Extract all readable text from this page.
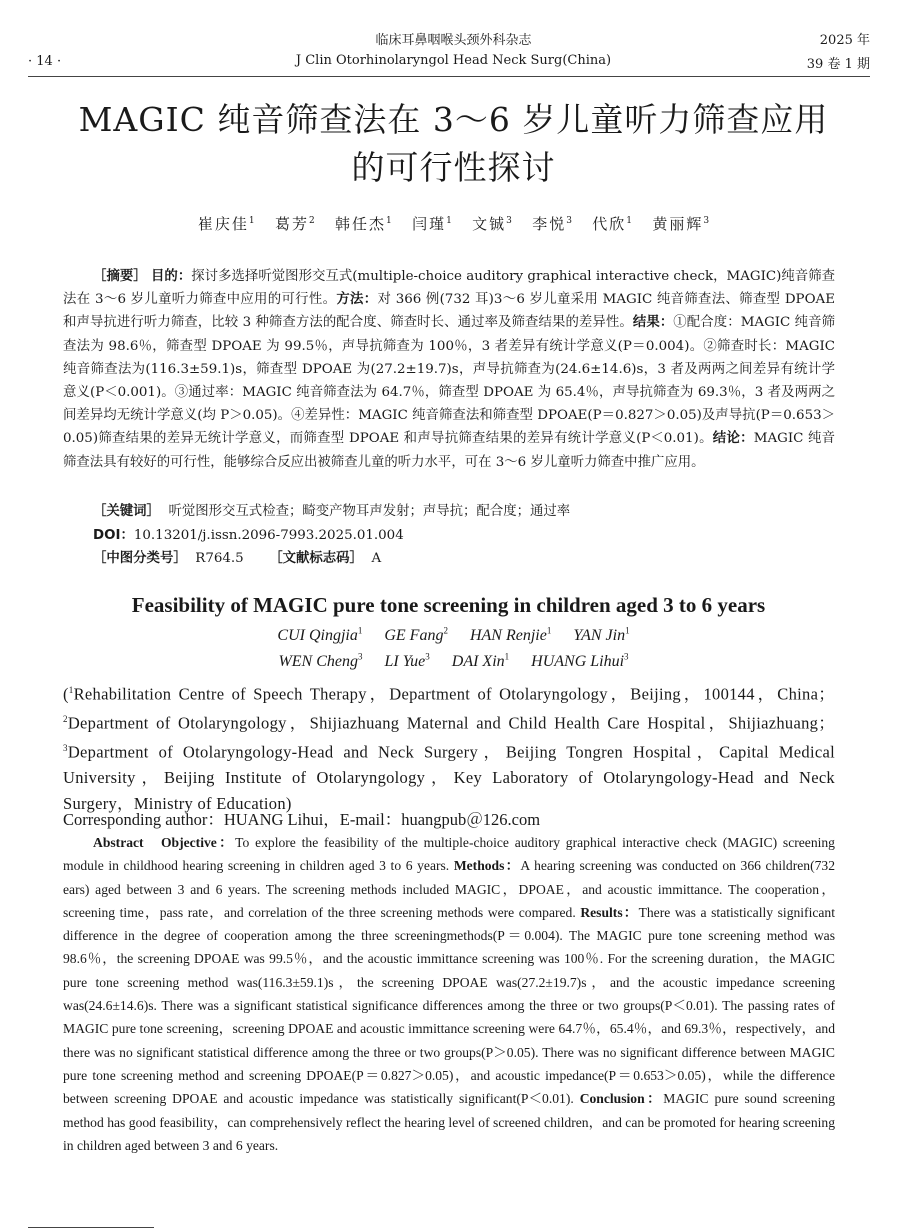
临床耳鼻咽喉头颈外科杂志	2025 年
· 14 ·	J Clin Otorhinolaryngol Head Neck Surg(China)	39 卷 1 期
MAGIC 纯音筛查法在 3～6 岁儿童听力筛查应用
的可行性探讨
崔庆佳$^1$ 葛芳$^2$ 韩任杰$^1$ 闫瑾$^1$ 文铖$^3$ 李悦$^3$ 代欣$^1$ 黄丽辉$^3$
［摘要］ 目的：探讨多选择听觉图形交互式(multiple-choice auditory graphical interactive check，MAGIC)纯音筛查法在 3～6 岁儿童听力筛查中应用的可行性。方法：对 366 例(732 耳)3～6 岁儿童采用 MAGIC 纯音筛查法、筛查型 DPOAE 和声导抗进行听力筛查，比较 3 种筛查方法的配合度、筛查时长、通过率及筛查结果的差异性。结果：①配合度：MAGIC 纯音筛查法为 98.6％，筛查型 DPOAE 为 99.5％，声导抗筛查为 100％，3 者差异有统计学意义(P＝0.004)。②筛查时长：MAGIC 纯音筛查法为(116.3±59.1)s，筛查型 DPOAE 为(27.2±19.7)s，声导抗筛查为(24.6±14.6)s，3 者及两两之间差异有统计学意义(P＜0.001)。③通过率：MAGIC 纯音筛查法为 64.7％，筛查型 DPOAE 为 65.4％，声导抗筛查为 69.3％，3 者及两两之间差异均无统计学意义(均 P＞0.05)。④差异性：MAGIC 纯音筛查法和筛查型 DPOAE(P＝0.827＞0.05)及声导抗(P＝0.653＞0.05)筛查结果的差异无统计学意义，而筛查型 DPOAE 和声导抗筛查结果的差异有统计学意义(P＜0.01)。结论：MAGIC 纯音筛查法具有较好的可行性，能够综合反应出被筛查儿童的听力水平，可在 3～6 岁儿童听力筛查中推广应用。
［关键词］ 听觉图形交互式检查；畸变产物耳声发射；声导抗；配合度；通过率
DOI：10.13201/j.issn.2096-7993.2025.01.004
［中图分类号］ R764.5 ［文献标志码］ A
Feasibility of MAGIC pure tone screening in children aged 3 to 6 years
CUI Qingjia$^1$ GE Fang$^2$ HAN Renjie$^1$ YAN Jin$^1$
WEN Cheng$^3$ LI Yue$^3$ DAI Xin$^1$ HUANG Lihui$^3$
($^1$Rehabilitation Centre of Speech Therapy，Department of Otolaryngology，Beijing，100144，China；$^2$Department of Otolaryngology，Shijiazhuang Maternal and Child Health Care Hospital，Shijiazhuang；$^3$Department of Otolaryngology-Head and Neck Surgery，Beijing Tongren Hospital，Capital Medical University，Beijing Institute of Otolaryngology，Key Laboratory of Otolaryngology-Head and Neck Surgery，Ministry of Education)
Corresponding author：HUANG Lihui，E-mail：huangpub＠126.com
Abstract Objective：To explore the feasibility of the multiple-choice auditory graphical interactive check (MAGIC) screening module in childhood hearing screening in children aged 3 to 6 years. Methods：A hearing screening was conducted on 366 children(732 ears) aged between 3 and 6 years. The screening methods included MAGIC，DPOAE，and acoustic immittance. The cooperation，screening time，pass rate，and correlation of the three screening methods were compared. Results：There was a statistically significant difference in the degree of cooperation among the three screeningmethods(P＝0.004). The MAGIC pure tone screening method was 98.6％，the screening DPOAE was 99.5％，and the acoustic immittance screening was 100％. For the screening duration，the MAGIC pure tone screening method was(116.3±59.1)s，the screening DPOAE was(27.2±19.7)s，and the acoustic impedance screening was(24.6±14.6)s. There was a significant statistical significance differences among the three or two groups(P＜0.01). The passing rates of MAGIC pure tone screening，screening DPOAE and acoustic immittance screening were 64.7％，65.4％，and 69.3％，respectively，and there was no significant statistical difference among the three or two groups(P＞0.05). There was no significant difference between MAGIC pure tone screening method and screening DPOAE(P＝0.827＞0.05)，and acoustic impedance(P＝0.653＞0.05)，while the difference between screening DPOAE and acoustic impedance was statistically significant(P＜0.01). Conclusion：MAGIC pure sound screening method has good feasibility，can comprehensively reflect the hearing level of screened children，and can be promoted for hearing screening in children aged between 3 and 6 years.
